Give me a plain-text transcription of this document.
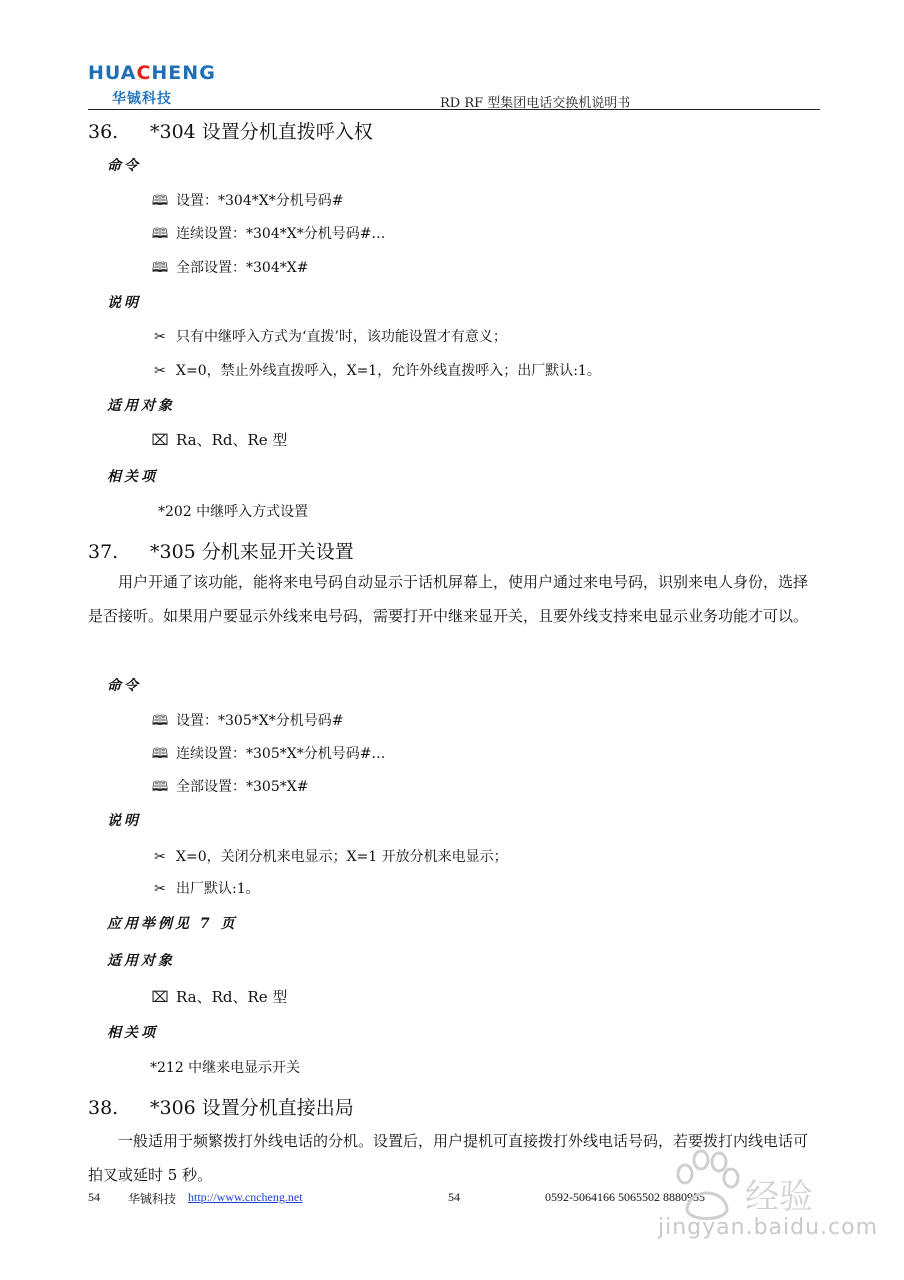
HUACHENG
华铖科技	RD RF 型集团电话交换机说明书
36. *304 设置分机直拨呼入权
命令
🕮 设置：*304*X*分机号码#
🕮 连续设置：*304*X*分机号码#…
🕮 全部设置：*304*X#
说明
✂ 只有中继呼入方式为‘直拨’时，该功能设置才有意义；
✂ X=0，禁止外线直拨呼入，X=1，允许外线直拨呼入；出厂默认:1。
适用对象
⌧ Ra、Rd、Re 型
相关项
*202 中继呼入方式设置
37. *305 分机来显开关设置
用户开通了该功能，能将来电号码自动显示于话机屏幕上，使用户通过来电号码，识别来电人身份，选择是否接听。如果用户要显示外线来电号码，需要打开中继来显开关，且要外线支持来电显示业务功能才可以。
命令
🕮 设置：*305*X*分机号码#
🕮 连续设置：*305*X*分机号码#…
🕮 全部设置：*305*X#
说明
✂ X=0，关闭分机来电显示；X=1 开放分机来电显示；
✂ 出厂默认:1。
应用举例见 7 页
适用对象
⌧ Ra、Rd、Re 型
相关项
*212 中继来电显示开关
38. *306 设置分机直接出局
一般适用于频繁拨打外线电话的分机。设置后，用户提机可直接拨打外线电话号码，若要拨打内线电话可拍叉或延时 5 秒。
54 华铖科技 http://www.cncheng.net	54	0592-5064166 5065502 8880955 经验
jingyan.baidu.com
